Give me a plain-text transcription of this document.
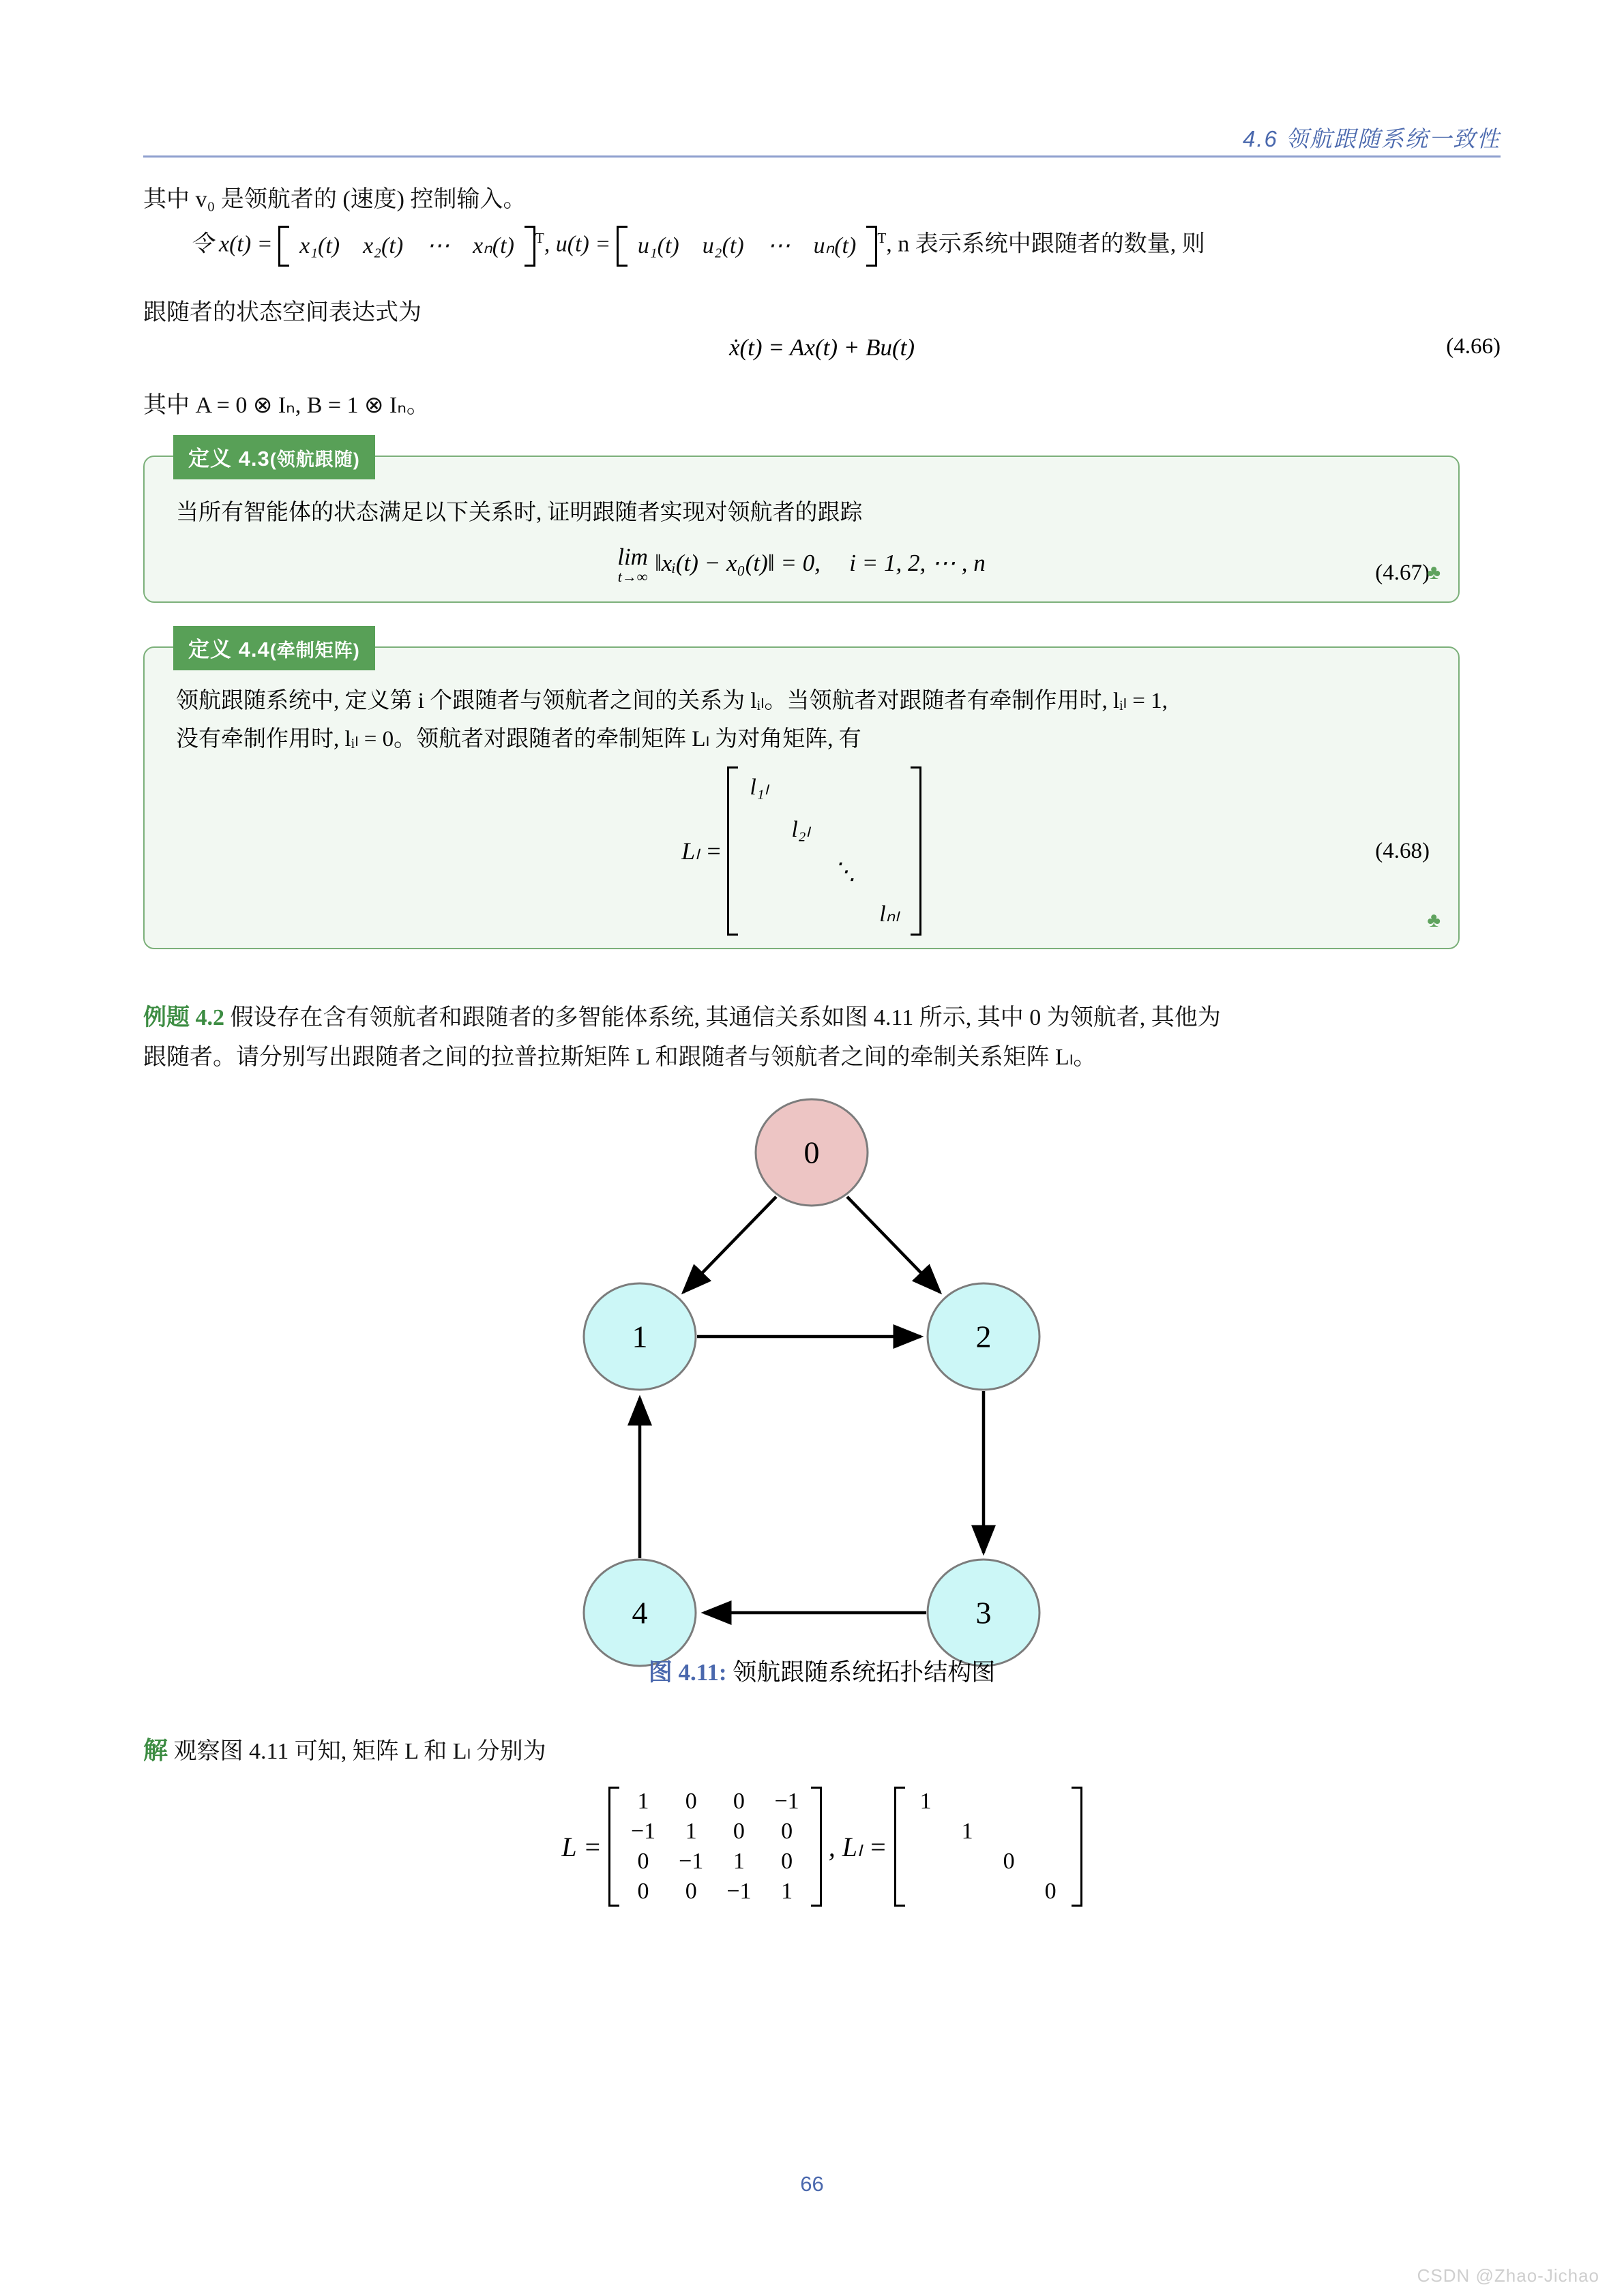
4.6 领航跟随系统一致性
其中 v₀ 是领航者的 (速度) 控制输入。
令 x(t) = x₁(t)	x₂(t)	⋯	xₙ(t) $^T$, u(t) = u₁(t)	u₂(t)	⋯	uₙ(t) $^T$, n 表示系统中跟随者的数量, 则
跟随者的状态空间表达式为
ẋ(t) = Ax(t) + Bu(t)	(4.66)
其中 A = 0 ⊗ Iₙ, B = 1 ⊗ Iₙ。
定义 4.3(领航跟随)
当所有智能体的状态满足以下关系时, 证明跟随者实现对领航者的跟踪
lim
t→∞
‖xᵢ(t) − x₀(t)‖ = 0, i = 1, 2, ⋯ , n	(4.67)
♣
定义 4.4(牵制矩阵)
领航跟随系统中, 定义第 i 个跟随者与领航者之间的关系为 lᵢₗ。当领航者对跟随者有牵制作用时, lᵢₗ = 1,
没有牵制作用时, lᵢₗ = 0。领航者对跟随者的牵制矩阵 Lₗ 为对角矩阵, 有
Lₗ =
l₁ₗ			
	l₂ₗ		
		⋱	
			lₙₗ
(4.68)
♣
例题 4.2 假设存在含有领航者和跟随者的多智能体系统, 其通信关系如图 4.11 所示, 其中 0 为领航者, 其他为
跟随者。请分别写出跟随者之间的拉普拉斯矩阵 L 和跟随者与领航者之间的牵制关系矩阵 Lₗ。
0
1	2
3
4
图 4.11: 领航跟随系统拓扑结构图
解 观察图 4.11 可知, 矩阵 L 和 Lₗ 分别为
L =
1	0	0	−1
−1	1	0	0
0	−1	1	0
0	0	−1	1
, Lₗ =
1			
	1		
		0	
			0
66
CSDN @Zhao-Jichao
